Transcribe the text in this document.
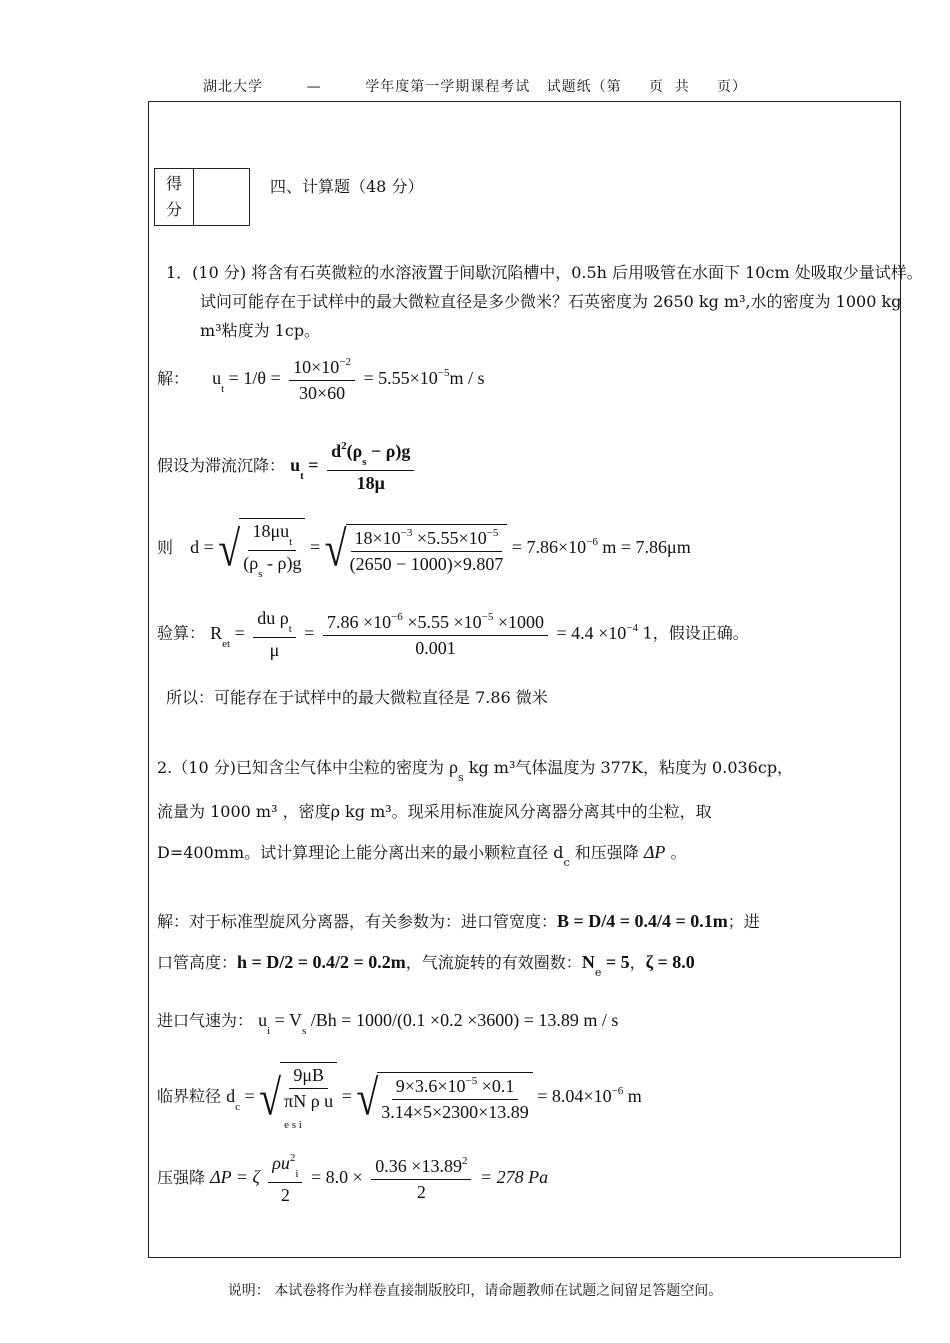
湖北大学        —        学年度第一学期课程考试   试题纸（第     页  共     页）
得
分
四、计算题（48 分）
1．(10 分) 将含有石英微粒的水溶液置于间歇沉陷槽中，0.5h 后用吸管在水面下 10cm 处吸取少量试样。试问可能存在于试样中的最大微粒直径是多少微米？石英密度为 2650 kg m³,水的密度为 1000 kg m³粘度为 1cp。
解： $u_t = 1/\theta = \frac{10\times 10^{-2}}{30\times 60} = 5.55\times 10^{-5}m / s$
假设为滞流沉降： $u_t = \frac{d^2(\rho_s - \rho)g}{18\mu}$
则 d = √ $\frac{18\mu u_t}{(\rho_s - \rho)g}$ = √ $\frac{18\times 10^{-3} \times 5.55\times 10^{-5}}{(2650 - 1000)\times 9.807} = 7.86\times 10^{-6}$ m = 7.86μm
验算： $R_{et} = \frac{du \rho_t}{\mu} = \frac{7.86 \times 10^{-6} \times 5.55 \times 10^{-5} \times 1000}{0.001} = 4.4 \times 10^{-4}$ 1，假设正确。
所以：可能存在于试样中的最大微粒直径是 7.86 微米
2.（10 分)已知含尘气体中尘粒的密度为 $\rho_s$ kg m³气体温度为 377K，粘度为 0.036cp，
流量为 1000 m³ ，密度ρ kg m³。现采用标准旋风分离器分离其中的尘粒，取
D=400mm。试计算理论上能分离出来的最小颗粒直径 $d_c$ 和压强降 ΔP 。
解：对于标准型旋风分离器，有关参数为：进口管宽度：B = D/4 = 0.4/4 = 0.1m；进
口管高度：h = D/2 = 0.4/2 = 0.2m，气流旋转的有效圈数：$N_e = 5$，ζ = 8.0
进口气速为： $u_i = V_s$ /Bh = 1000/(0.1 ×0.2 ×3600) = 13.89 m / s
临界粒径 $d_c$ = √ 9μB
πN ρ u
e s i
= √ $\frac{9\times 3.6\times 10^{-5} \times 0.1}{3.14\times 5\times 2300\times 13.89} = 8.04\times 10^{-6}$ m
压强降 ΔP = ζ $\frac{\rho u^2_i}{2} = 8.0 \times \frac{0.36 \times 13.89^2}{2} = 278$ Pa
说明： 本试卷将作为样卷直接制版胶印，请命题教师在试题之间留足答题空间。
